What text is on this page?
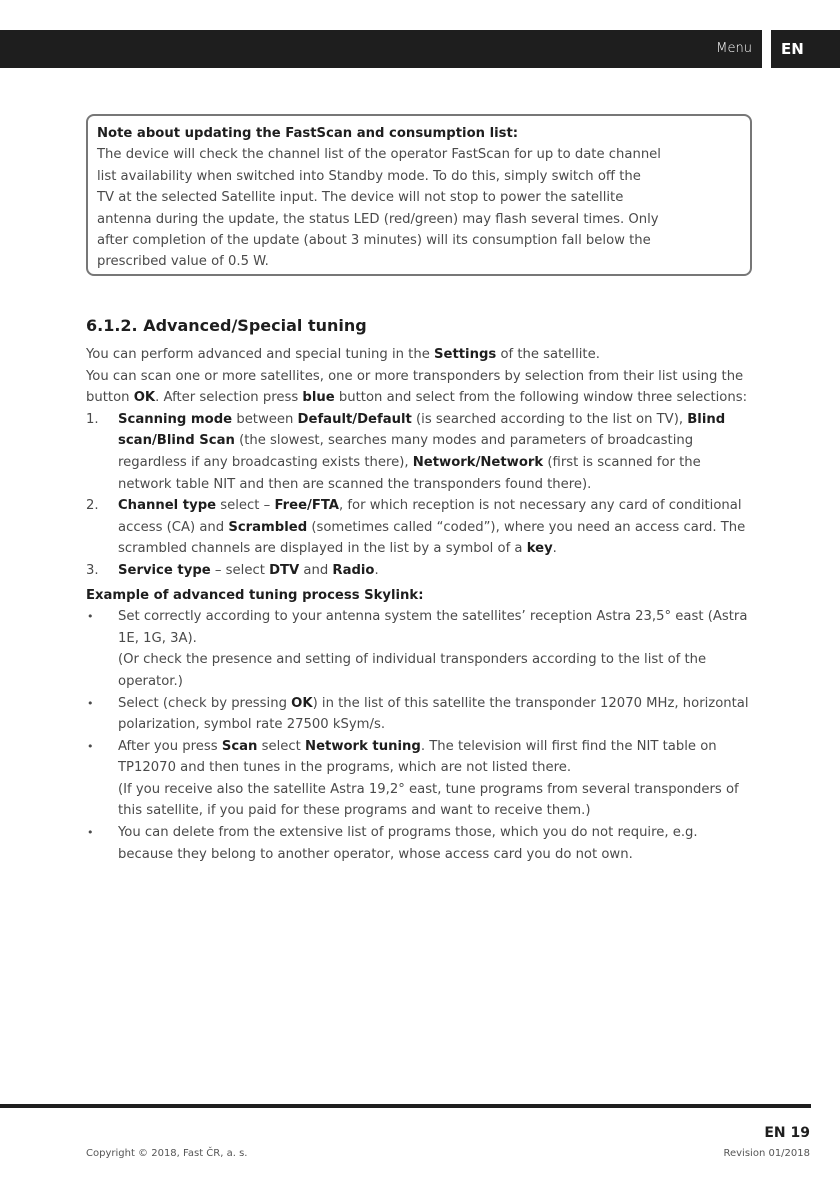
Menu	EN
Note about updating the FastScan and consumption list:
The device will check the channel list of the operator FastScan for up to date channel
list availability when switched into Standby mode. To do this, simply switch off the
TV at the selected Satellite input. The device will not stop to power the satellite
antenna during the update, the status LED (red/green) may flash several times. Only
after completion of the update (about 3 minutes) will its consumption fall below the
prescribed value of 0.5 W.
6.1.2. Advanced/Special tuning

You can perform advanced and special tuning in the Settings of the satellite.

You can scan one or more satellites, one or more transponders by selection from their list using the button OK. After selection press blue button and select from the following window three selections:

1. Scanning mode between Default/Default (is searched according to the list on TV), Blind scan/Blind Scan (the slowest, searches many modes and parameters of broadcasting regardless if any broadcasting exists there), Network/Network (first is scanned for the network table NIT and then are scanned the transponders found there).
2. Channel type select – Free/FTA, for which reception is not necessary any card of conditional access (CA) and Scrambled (sometimes called “coded”), where you need an access card. The scrambled channels are displayed in the list by a symbol of a key.
3. Service type – select DTV and Radio.

Example of advanced tuning process Skylink:

• Set correctly according to your antenna system the satellites’ reception Astra 23,5° east (Astra 1E, 1G, 3A).
(Or check the presence and setting of individual transponders according to the list of the operator.)
• Select (check by pressing OK) in the list of this satellite the transponder 12070 MHz, horizontal polarization, symbol rate 27500 kSym/s.
• After you press Scan select Network tuning. The television will first find the NIT table on TP12070 and then tunes in the programs, which are not listed there.
(If you receive also the satellite Astra 19,2° east, tune programs from several transponders of this satellite, if you paid for these programs and want to receive them.)
• You can delete from the extensive list of programs those, which you do not require, e.g. because they belong to another operator, whose access card you do not own.
EN 19
Copyright © 2018, Fast ČR, a. s.	Revision 01/2018
